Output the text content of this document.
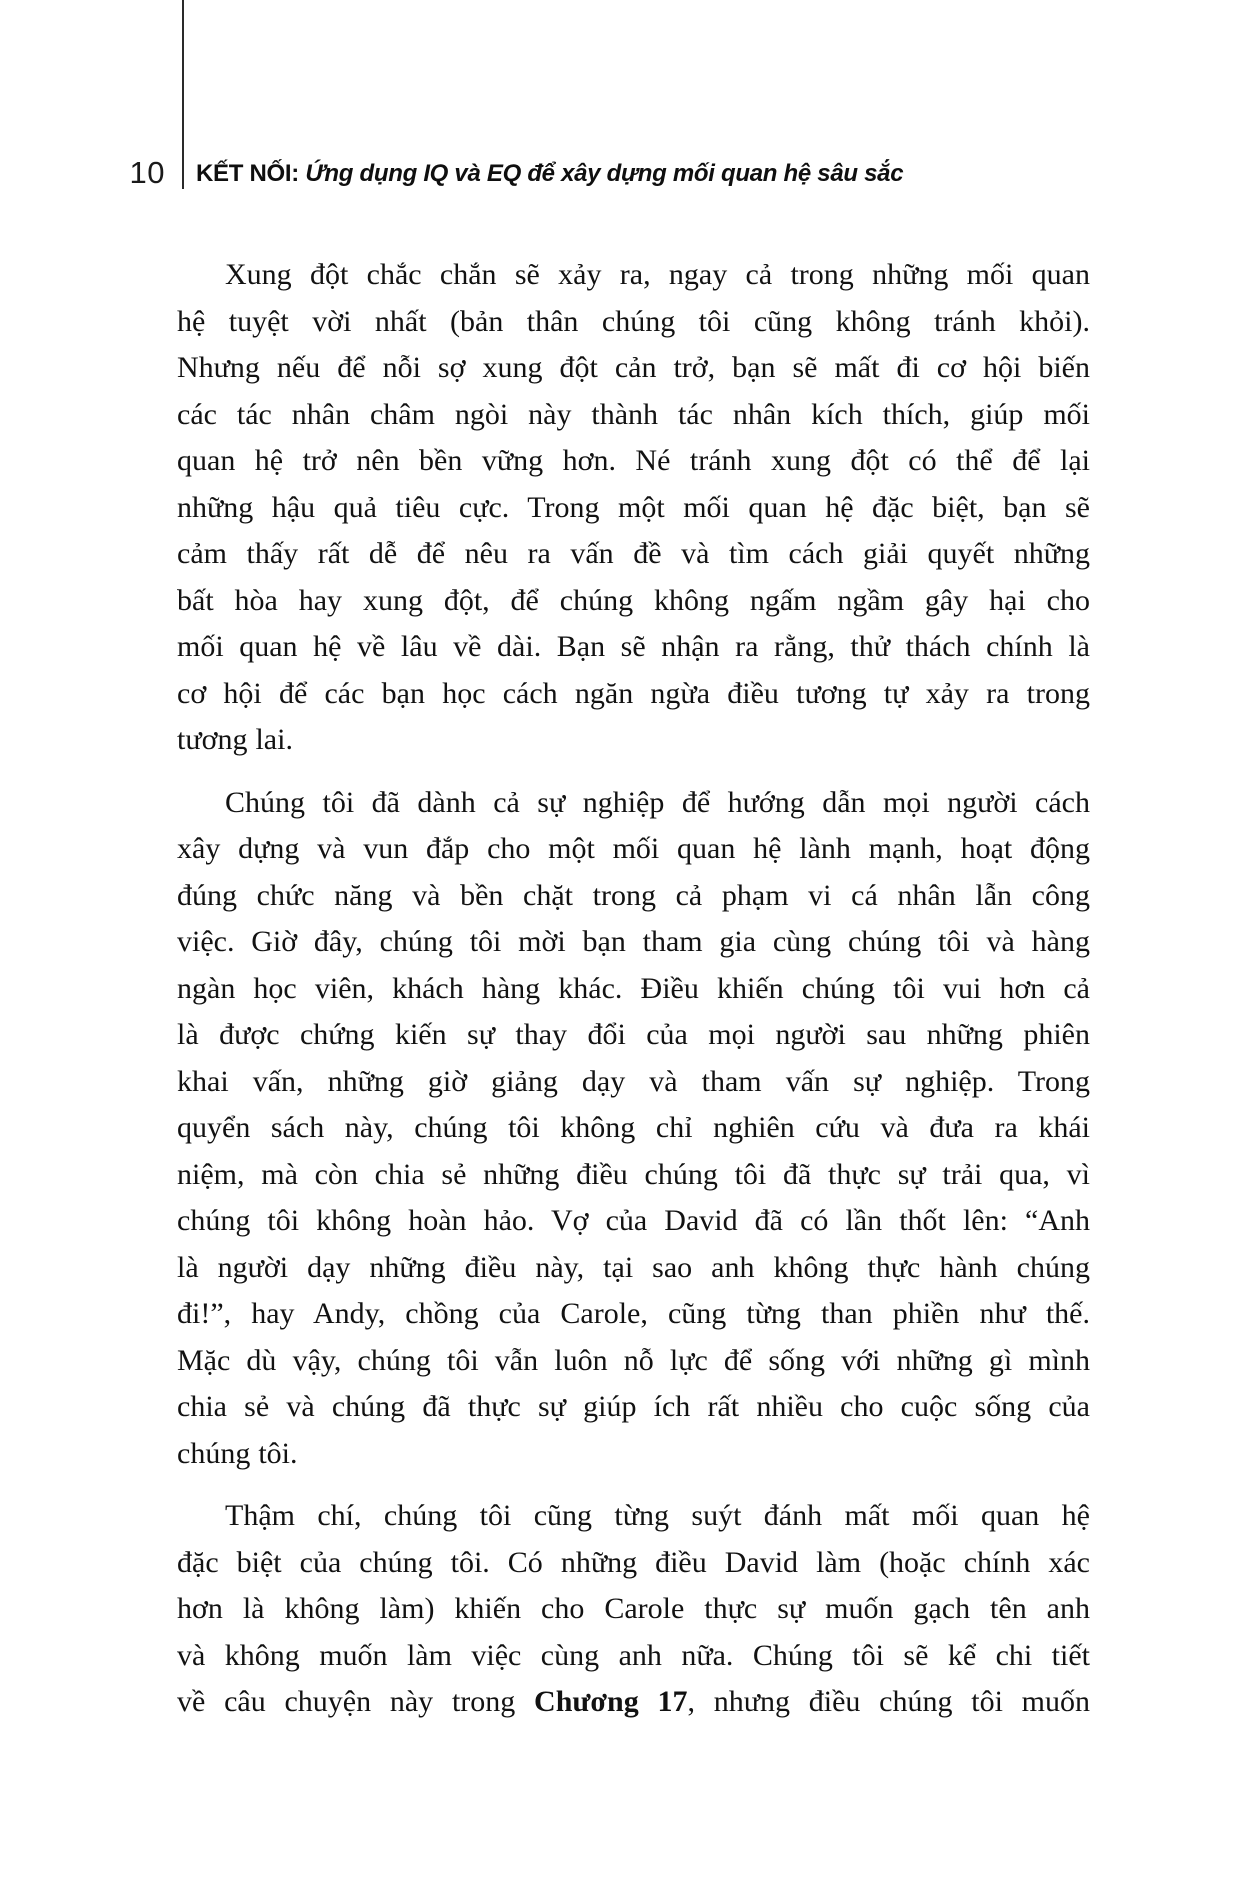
10 KẾT NỐI: Ứng dụng IQ và EQ để xây dựng mối quan hệ sâu sắc

Xung đột chắc chắn sẽ xảy ra, ngay cả trong những mối quan
hệ tuyệt vời nhất (bản thân chúng tôi cũng không tránh khỏi).
Nhưng nếu để nỗi sợ xung đột cản trở, bạn sẽ mất đi cơ hội biến
các tác nhân châm ngòi này thành tác nhân kích thích, giúp mối
quan hệ trở nên bền vững hơn. Né tránh xung đột có thể để lại
những hậu quả tiêu cực. Trong một mối quan hệ đặc biệt, bạn sẽ
cảm thấy rất dễ để nêu ra vấn đề và tìm cách giải quyết những
bất hòa hay xung đột, để chúng không ngấm ngầm gây hại cho
mối quan hệ về lâu về dài. Bạn sẽ nhận ra rằng, thử thách chính là
cơ hội để các bạn học cách ngăn ngừa điều tương tự xảy ra trong
tương lai.

Chúng tôi đã dành cả sự nghiệp để hướng dẫn mọi người cách
xây dựng và vun đắp cho một mối quan hệ lành mạnh, hoạt động
đúng chức năng và bền chặt trong cả phạm vi cá nhân lẫn công
việc. Giờ đây, chúng tôi mời bạn tham gia cùng chúng tôi và hàng
ngàn học viên, khách hàng khác. Điều khiến chúng tôi vui hơn cả
là được chứng kiến sự thay đổi của mọi người sau những phiên
khai vấn, những giờ giảng dạy và tham vấn sự nghiệp. Trong
quyển sách này, chúng tôi không chỉ nghiên cứu và đưa ra khái
niệm, mà còn chia sẻ những điều chúng tôi đã thực sự trải qua, vì
chúng tôi không hoàn hảo. Vợ của David đã có lần thốt lên: “Anh
là người dạy những điều này, tại sao anh không thực hành chúng
đi!”, hay Andy, chồng của Carole, cũng từng than phiền như thế.
Mặc dù vậy, chúng tôi vẫn luôn nỗ lực để sống với những gì mình
chia sẻ và chúng đã thực sự giúp ích rất nhiều cho cuộc sống của
chúng tôi.

Thậm chí, chúng tôi cũng từng suýt đánh mất mối quan hệ
đặc biệt của chúng tôi. Có những điều David làm (hoặc chính xác
hơn là không làm) khiến cho Carole thực sự muốn gạch tên anh
và không muốn làm việc cùng anh nữa. Chúng tôi sẽ kể chi tiết
về câu chuyện này trong Chương 17, nhưng điều chúng tôi muốn
